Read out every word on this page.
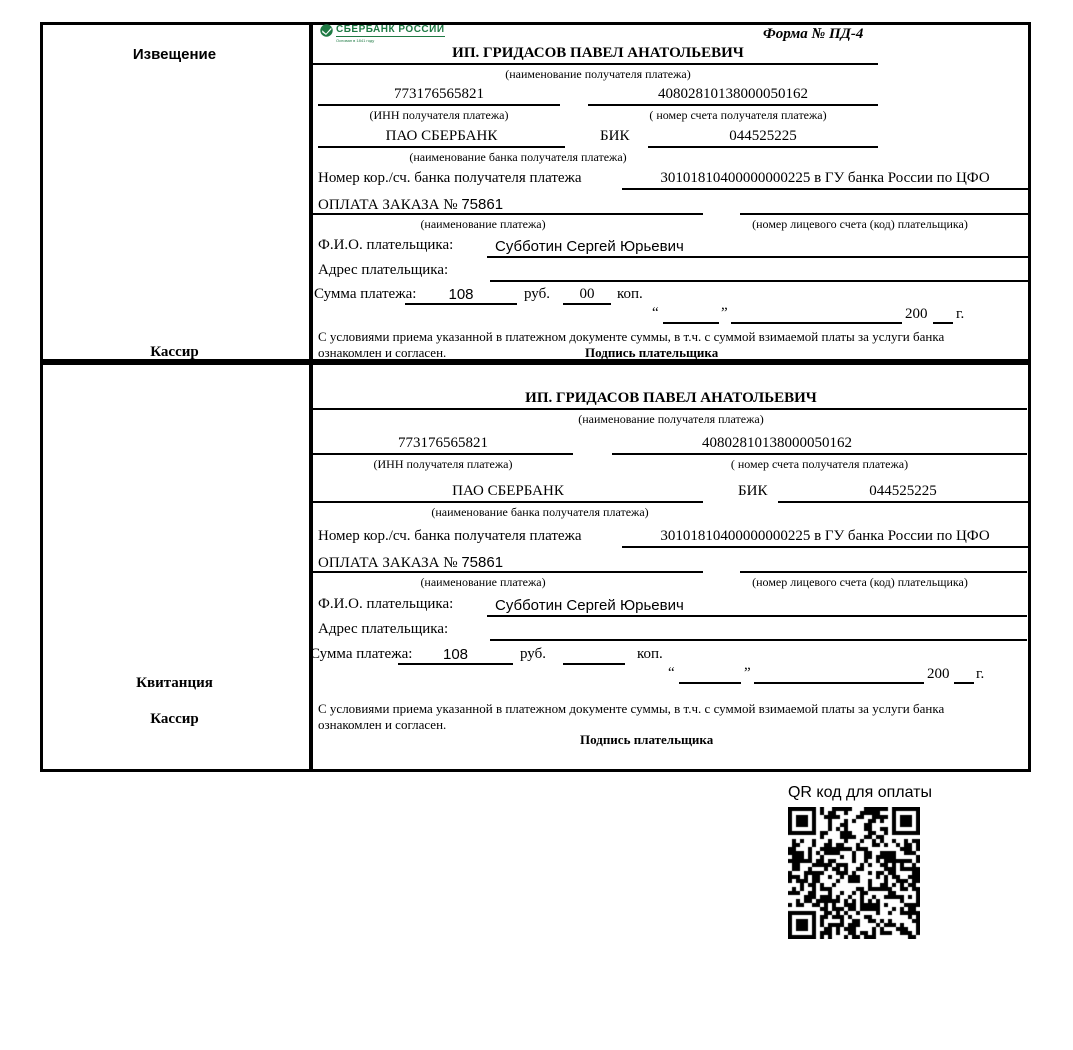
Извещение
Кассир
СБЕРБАНК РОССИИ
Основан в 1841 году	Форма № ПД-4
ИП. ГРИДАСОВ ПАВЕЛ АНАТОЛЬЕВИЧ
(наименование получателя платежа)
773176565821	40802810138000050162
(ИНН получателя платежа)	( номер счета получателя платежа)
ПАО СБЕРБАНК	БИК	044525225
(наименование банка получателя платежа)
Номер кор./сч. банка получателя платежа	30101810400000000225 в ГУ банка России по ЦФО
ОПЛАТА ЗАКАЗА № 75861
(наименование платежа)	(номер лицевого счета (код) плательщика)
Ф.И.О. плательщика:	Субботин Сергей Юрьевич
Адрес плательщика:
Сумма платежа:	108	руб.	00	коп.
“	”	200 г.
С условиями приема указанной в платежном документе суммы, в т.ч. с суммой взимаемой платы за услуги банка ознакомлен и согласен.	Подпись плательщика
Квитанция
Кассир
ИП. ГРИДАСОВ ПАВЕЛ АНАТОЛЬЕВИЧ
(наименование получателя платежа)
773176565821	40802810138000050162
(ИНН получателя платежа)	( номер счета получателя платежа)
ПАО СБЕРБАНК	БИК	044525225
(наименование банка получателя платежа)
Номер кор./сч. банка получателя платежа	30101810400000000225 в ГУ банка России по ЦФО
ОПЛАТА ЗАКАЗА № 75861
(наименование платежа)	(номер лицевого счета (код) плательщика)
Ф.И.О. плательщика:	Субботин Сергей Юрьевич
Адрес плательщика:
Сумма платежа:	108	руб.	коп.
“	”	200 г.
С условиями приема указанной в платежном документе суммы, в т.ч. с суммой взимаемой платы за услуги банка ознакомлен и согласен.
Подпись плательщика
QR код для оплаты
